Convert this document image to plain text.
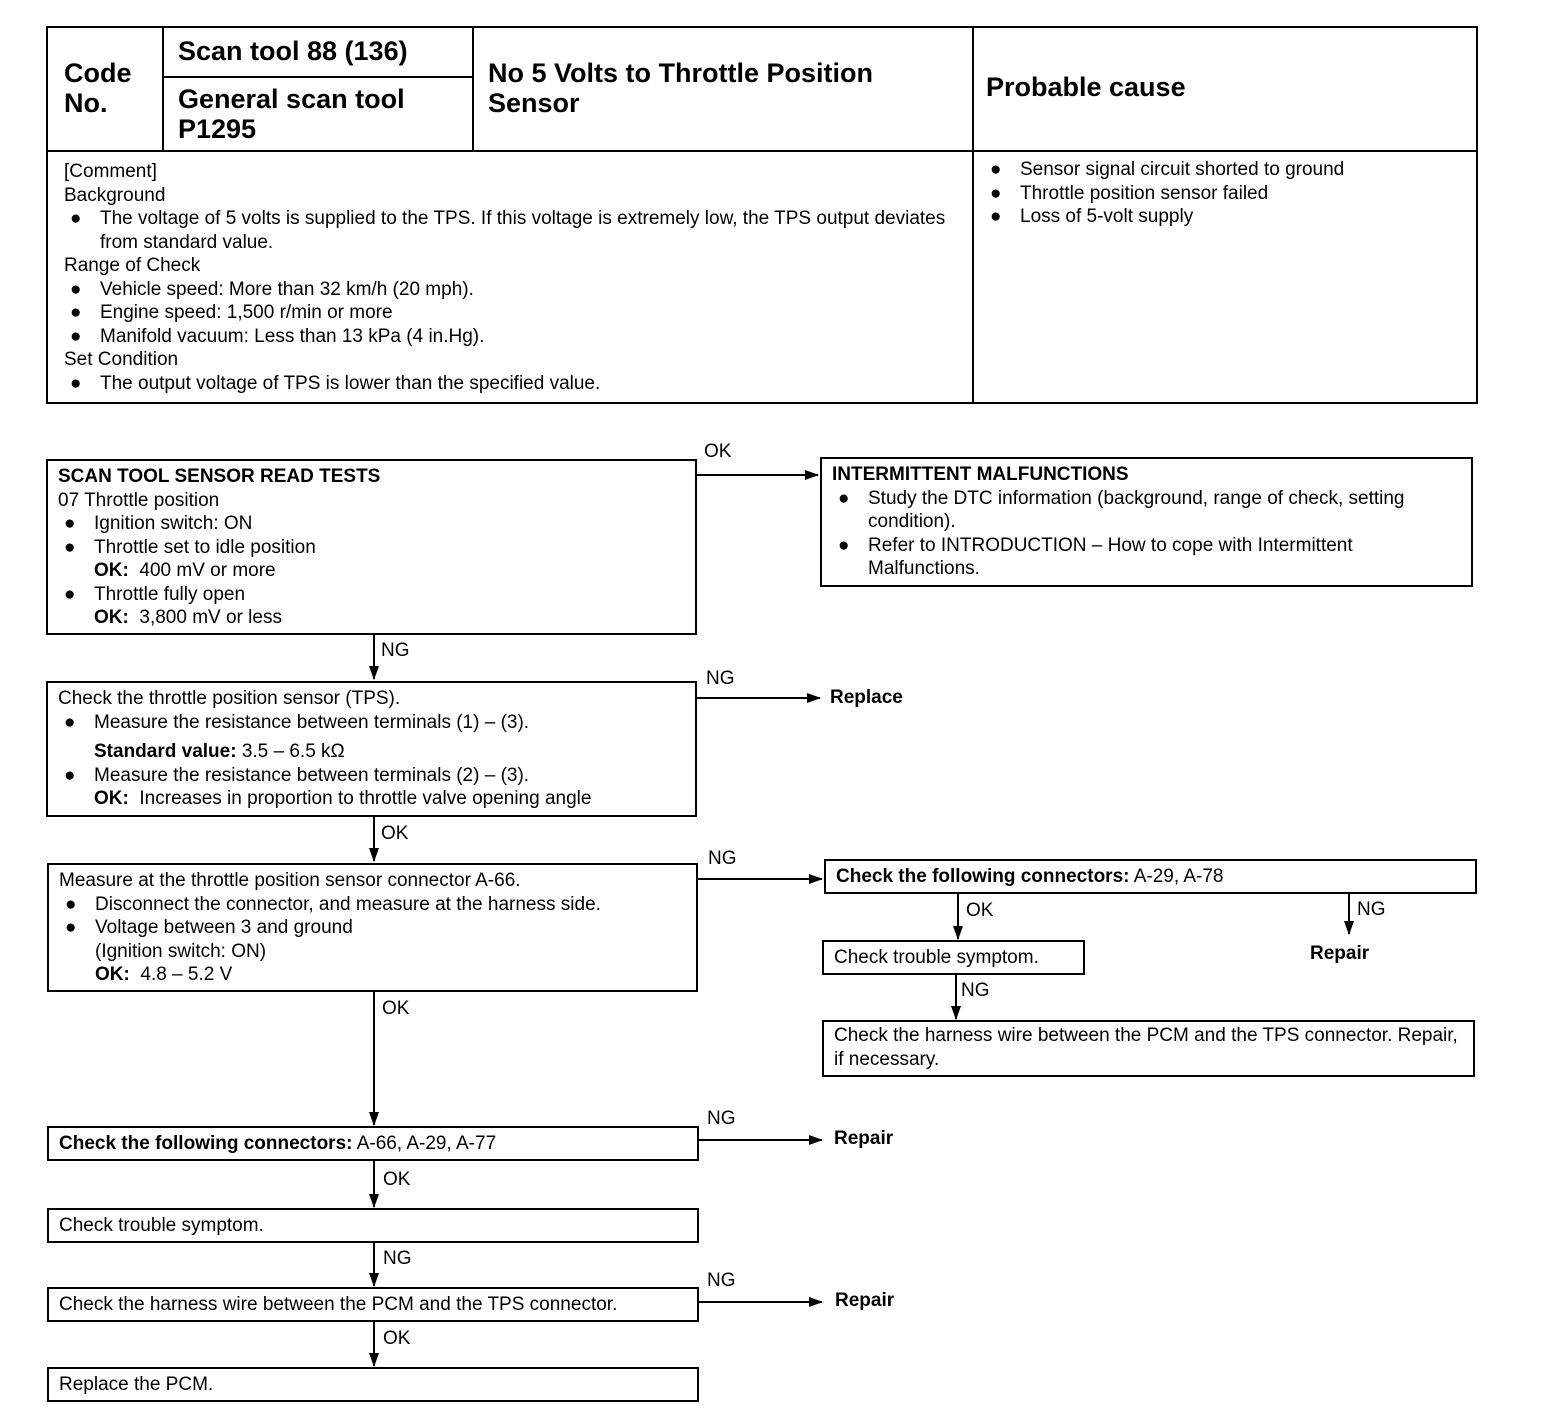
Code No.
Scan tool 88 (136)
General scan tool P1295
No 5 Volts to Throttle Position Sensor
Probable cause
[Comment]
Background
● The voltage of 5 volts is supplied to the TPS. If this voltage is extremely low, the TPS output deviates from standard value.
Range of Check
● Vehicle speed: More than 32 km/h (20 mph).
● Engine speed: 1,500 r/min or more
● Manifold vacuum: Less than 13 kPa (4 in.Hg).
Set Condition
● The output voltage of TPS is lower than the specified value.
● Sensor signal circuit shorted to ground
● Throttle position sensor failed
● Loss of 5-volt supply
SCAN TOOL SENSOR READ TESTS
07 Throttle position
● Ignition switch: ON
● Throttle set to idle position
OK: 400 mV or more
● Throttle fully open
OK: 3,800 mV or less
INTERMITTENT MALFUNCTIONS
● Study the DTC information (background, range of check, setting condition).
● Refer to INTRODUCTION – How to cope with Intermittent Malfunctions.
Check the throttle position sensor (TPS).
● Measure the resistance between terminals (1) – (3).
Standard value: 3.5 – 6.5 kΩ
● Measure the resistance between terminals (2) – (3).
OK: Increases in proportion to throttle valve opening angle
Measure at the throttle position sensor connector A-66.
● Disconnect the connector, and measure at the harness side.
● Voltage between 3 and ground
(Ignition switch: ON)
OK: 4.8 – 5.2 V
Check the following connectors: A-29, A-78
Check trouble symptom.
Check the harness wire between the PCM and the TPS connector. Repair, if necessary.
Check the following connectors: A-66, A-29, A-77
Check trouble symptom.
Check the harness wire between the PCM and the TPS connector.
Replace the PCM.
Replace
Repair
Repair
Repair
OK
NG
NG
OK
NG
OK	NG
NG
OK
NG
OK
NG
NG
OK
